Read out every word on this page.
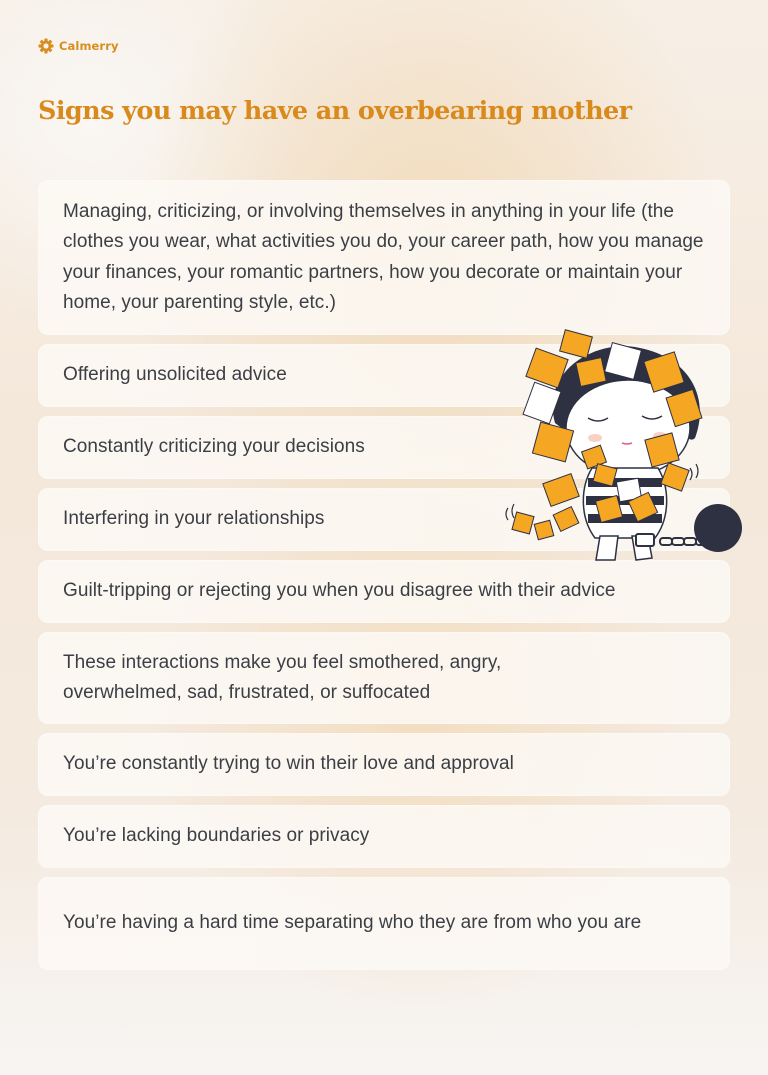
Calmerry
Signs you may have an overbearing mother
Managing, criticizing, or involving themselves in anything in your life (the clothes you wear, what activities you do, your career path, how you manage your finances, your romantic partners, how you decorate or maintain your home, your parenting style, etc.)
Offering unsolicited advice
Constantly criticizing your decisions
Interfering in your relationships
Guilt-tripping or rejecting you when you disagree with their advice
These interactions make you feel smothered, angry, overwhelmed, sad, frustrated, or suffocated
You’re constantly trying to win their love and approval
You’re lacking boundaries or privacy
You’re having a hard time separating who they are from who you are
